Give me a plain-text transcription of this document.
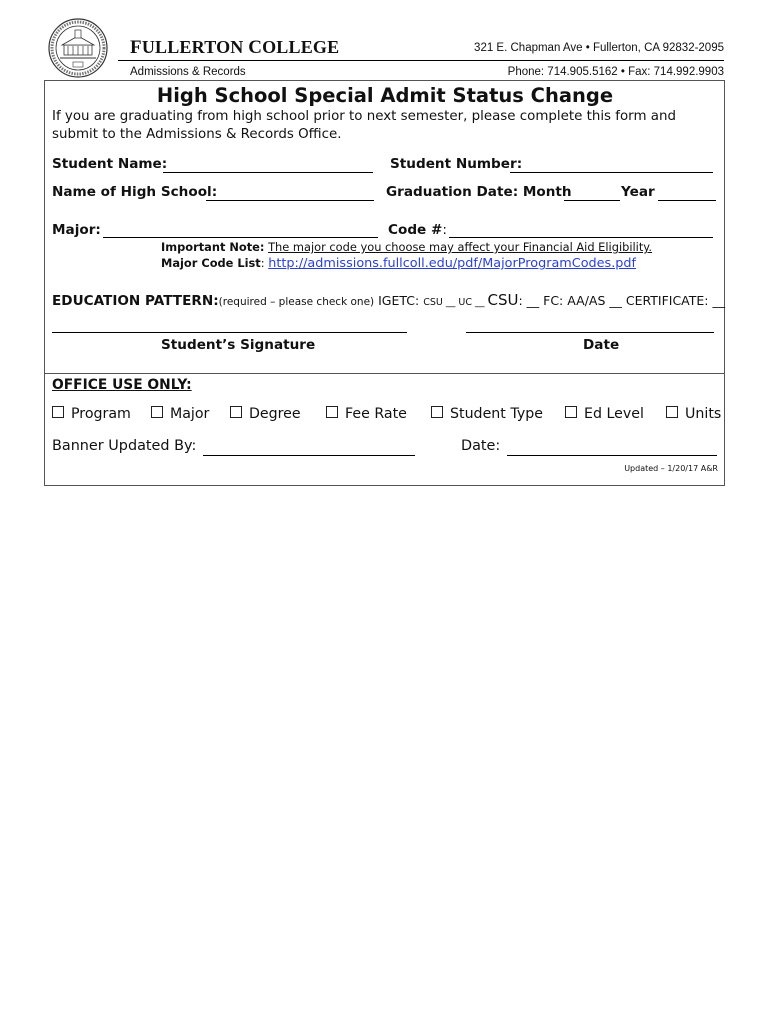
FULLERTON COLLEGE	321 E. Chapman Ave • Fullerton, CA 92832-2095
Admissions & Records	Phone: 714.905.5162 • Fax: 714.992.9903
High School Special Admit Status Change
If you are graduating from high school prior to next semester, please complete this form and submit to the Admissions & Records Office.
Student Name:	Student Number:
Name of High School:	Graduation Date: Month	Year
Major:	Code #:
Important Note: The major code you choose may affect your Financial Aid Eligibility.
Major Code List: http://admissions.fullcoll.edu/pdf/MajorProgramCodes.pdf
EDUCATION PATTERN:(required – please check one) IGETC: CSU __ UC __ CSU: __ FC: AA/AS __ CERTIFICATE: __
Student’s Signature	Date
OFFICE USE ONLY:
Program	Major	Degree	Fee Rate	Student Type	Ed Level	Units
Banner Updated By:	Date:
Updated – 1/20/17 A&R
